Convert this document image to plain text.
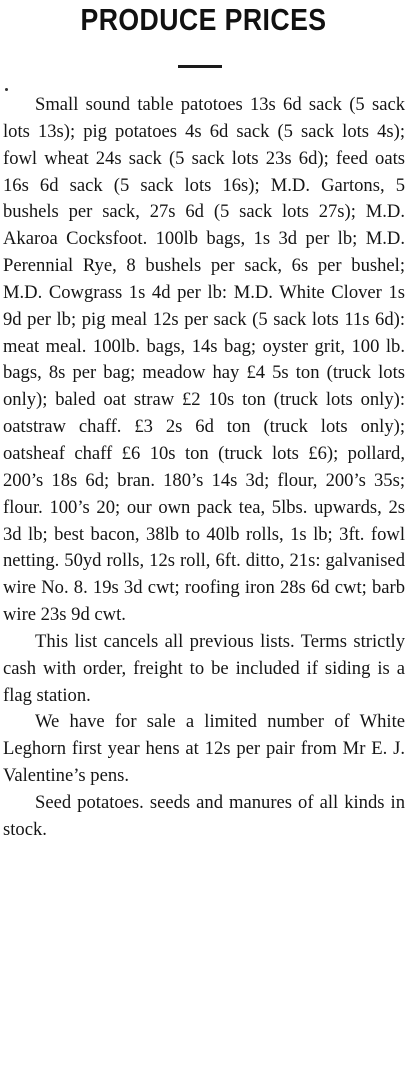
PRODUCE PRICES

Small sound table patotoes 13s 6d sack (5 sack lots 13s); pig potatoes 4s 6d sack (5 sack lots 4s); fowl wheat 24s sack (5 sack lots 23s 6d); feed oats 16s 6d sack (5 sack lots 16s); M.D. Gartons, 5 bushels per sack, 27s 6d (5 sack lots 27s); M.D. Akaroa Cocksfoot. 100lb bags, 1s 3d per lb; M.D. Perennial Rye, 8 bushels per sack, 6s per bushel; M.D. Cowgrass 1s 4d per lb: M.D. White Clover 1s 9d per lb; pig meal 12s per sack (5 sack lots 11s 6d): meat meal. 100lb. bags, 14s bag; oyster grit, 100 lb. bags, 8s per bag; meadow hay £4 5s ton (truck lots only); baled oat straw £2 10s ton (truck lots only): oatstraw chaff. £3 2s 6d ton (truck lots only); oatsheaf chaff £6 10s ton (truck lots £6); pollard, 200’s 18s 6d; bran. 180’s 14s 3d; flour, 200’s 35s; flour. 100’s 20; our own pack tea, 5lbs. upwards, 2s 3d lb; best bacon, 38lb to 40lb rolls, 1s lb; 3ft. fowl netting. 50yd rolls, 12s roll, 6ft. ditto, 21s: galvanised wire No. 8. 19s 3d cwt; roofing iron 28s 6d cwt; barb wire 23s 9d cwt.

This list cancels all previous lists. Terms strictly cash with order, freight to be included if siding is a flag station.

We have for sale a limited number of White Leghorn first year hens at 12s per pair from Mr E. J. Valentine’s pens.

Seed potatoes. seeds and manures of all kinds in stock.
